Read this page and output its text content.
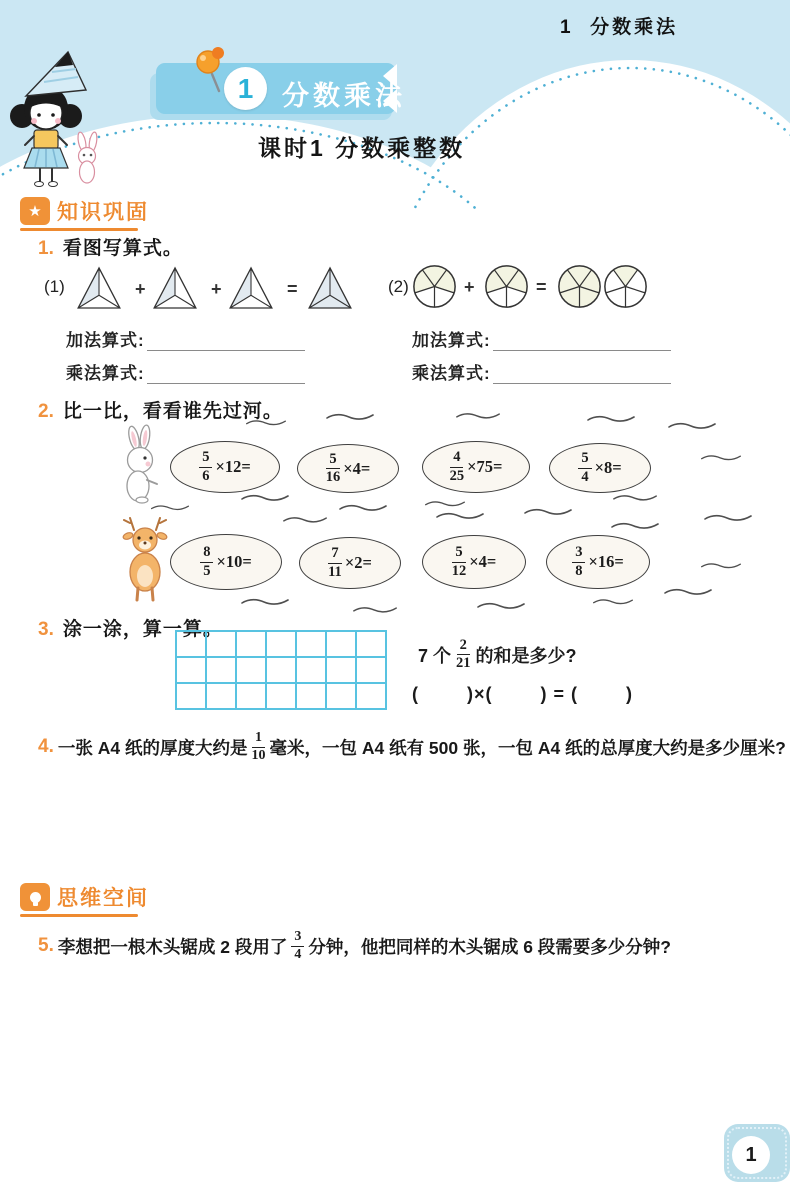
1  分数乘法
1	分数乘法
课时1 分数乘整数
★ 知识巩固
1. 看图写算式。
(1)	+	+	=	(2)	+	=
加法算式:
乘法算式:
加法算式:
乘法算式:
2. 比一比，看看谁先过河。
$\frac{5}{6} \times 12=$	$\frac{5}{16} \times 4=$	$\frac{4}{25} \times 75=$	$\frac{5}{4} \times 8=$
$\frac{8}{5} \times 10=$	$\frac{7}{11} \times 2=$	$\frac{5}{12} \times 4=$	$\frac{3}{8} \times 16=$
3. 涂一涂，算一算。
7 个 $\frac{2}{21}$ 的和是多少?
(        )×(        ) = (        )
4. 一张 A4 纸的厚度大约是 $\frac{1}{10}$ 毫米，一包 A4 纸有 500 张，一包 A4 纸的总厚度大约是多少厘米?
思维空间
5. 李想把一根木头锯成 2 段用了 $\frac{3}{4}$ 分钟，他把同样的木头锯成 6 段需要多少分钟?
1
